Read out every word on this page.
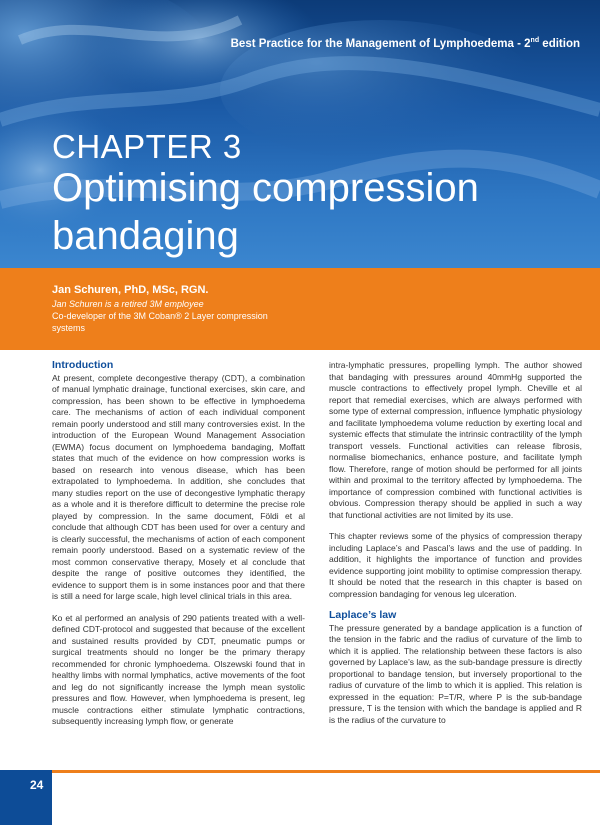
Best Practice for the Management of Lymphoedema - 2nd edition
CHAPTER 3
Optimising compression
bandaging
Jan Schuren, PhD, MSc, RGN.
Jan Schuren is a retired 3M employee
Co-developer of the 3M Coban® 2 Layer compression systems
Introduction

At present, complete decongestive therapy (CDT), a combination of manual lymphatic drainage, functional exercises, skin care, and compression, has been shown to be effective in lymphoedema care. The mechanisms of action of each individual component remain poorly understood and still many controversies exist. In the introduction of the European Wound Management Association (EWMA) focus document on lymphoedema bandaging, Moffatt states that much of the evidence on how compression works is based on research into venous disease, which has been extrapolated to lymphoedema. In addition, she concludes that many studies report on the use of decongestive lymphatic therapy as a whole and it is therefore difficult to determine the precise role played by compression. In the same document, Földi et al conclude that although CDT has been used for over a century and is clearly successful, the mechanisms of action of each component remain poorly understood. Based on a systematic review of the most common conservative therapy, Mosely et al conclude that despite the range of positive outcomes they identified, the evidence to support them is in some instances poor and that there is still a need for large scale, high level clinical trials in this area.

Ko et al performed an analysis of 290 patients treated with a well-defined CDT-protocol and suggested that because of the excellent and sustained results provided by CDT, pneumatic pumps or surgical treatments should no longer be the primary therapy recommended for chronic lymphoedema. Olszewski found that in healthy limbs with normal lymphatics, active movements of the foot and leg do not significantly increase the lymph mean systolic pressures and flow. However, when lymphoedema is present, leg muscle contractions either stimulate lymphatic contractions, subsequently increasing lymph flow, or generate

intra-lymphatic pressures, propelling lymph. The author showed that bandaging with pressures around 40mmHg supported the muscle contractions to effectively propel lymph. Cheville et al report that remedial exercises, which are always performed with some type of external compression, influence lymphatic physiology and facilitate lymphoedema volume reduction by exerting local and systemic effects that stimulate the intrinsic contractility of the lymph transport vessels. Functional activities can release fibrosis, normalise biomechanics, enhance posture, and facilitate lymph flow. Therefore, range of motion should be performed for all joints within and proximal to the territory affected by lymphoedema. The importance of compression combined with functional activities is obvious. Compression therapy should be applied in such a way that functional activities are not limited by its use.

This chapter reviews some of the physics of compression therapy including Laplace’s and Pascal’s laws and the use of padding. In addition, it highlights the importance of function and provides evidence supporting joint mobility to optimise compression therapy. It should be noted that the research in this chapter is based on compression bandaging for venous leg ulceration.

Laplace’s law

The pressure generated by a bandage application is a function of the tension in the fabric and the radius of curvature of the limb to which it is applied. The relationship between these factors is also governed by Laplace’s law, as the sub-bandage pressure is directly proportional to bandage tension, but inversely proportional to the radius of curvature of the limb to which it is applied. This relation is expressed in the equation: P=T/R, where P is the sub-bandage pressure, T is the tension with which the bandage is applied and R is the radius of the curvature to

24
